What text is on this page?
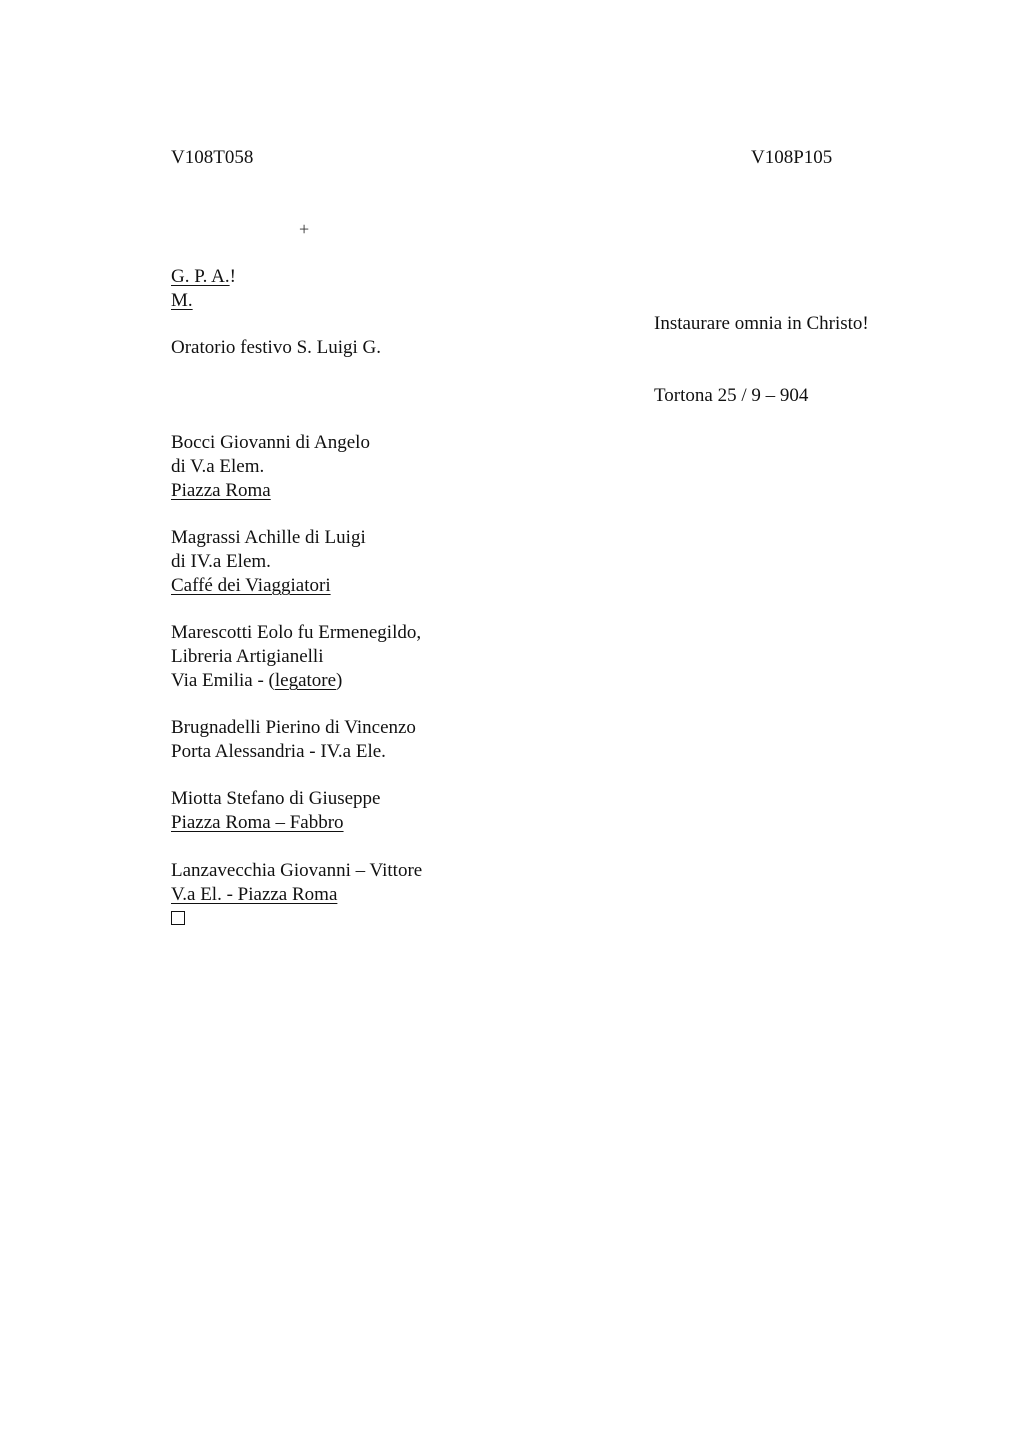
V108T058	V108P105
+
G. P. A.!
M.
Instaurare omnia in Christo!
Oratorio festivo S. Luigi G.
Tortona 25 / 9 – 904
Bocci Giovanni di Angelo
di V.a Elem.
Piazza Roma
Magrassi Achille di Luigi
di IV.a Elem.
Caffé dei Viaggiatori
Marescotti Eolo fu Ermenegildo,
Libreria Artigianelli
Via Emilia - (legatore)
Brugnadelli Pierino di Vincenzo
Porta Alessandria - IV.a Ele.
Miotta Stefano di Giuseppe
Piazza Roma – Fabbro
Lanzavecchia Giovanni – Vittore
V.a El. - Piazza Roma
